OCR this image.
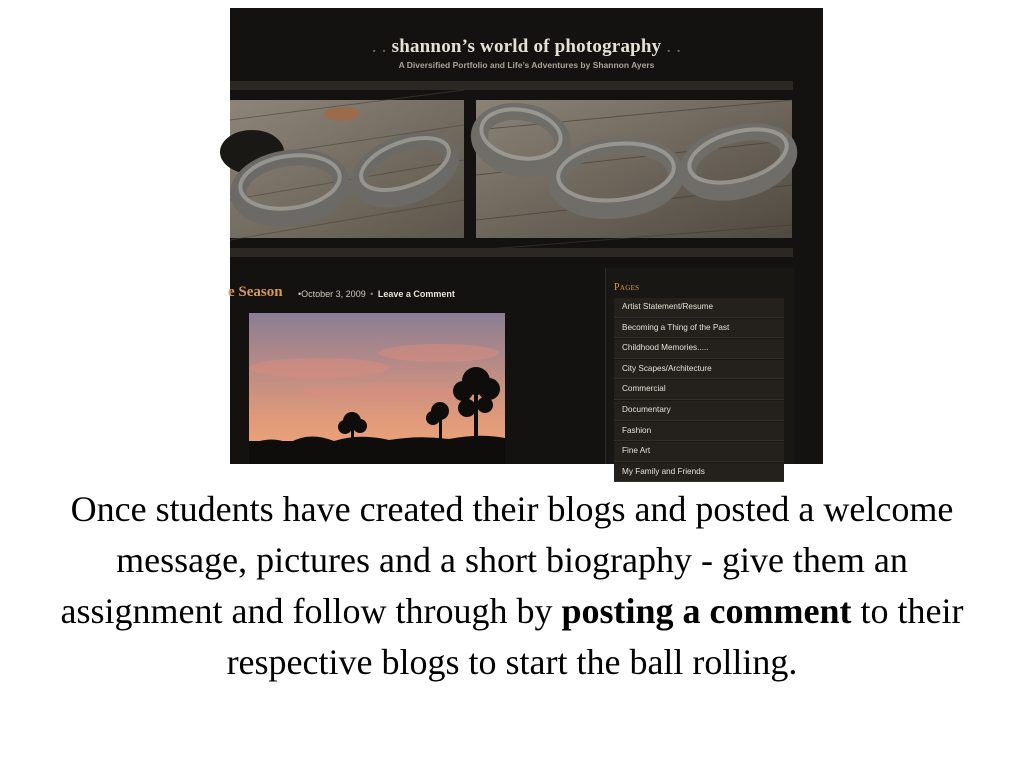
. . shannon’s world of photography . .
A Diversified Portfolio and Life’s Adventures by Shannon Ayers
e Season •October 3, 2009 • Leave a Comment
Pages
Artist Statement/Resume
Becoming a Thing of the Past
Childhood Memories.....
City Scapes/Architecture
Commercial
Documentary
Fashion
Fine Art
My Family and Friends
Once students have created their blogs and posted a welcome message, pictures and a short biography - give them an assignment and follow through by posting a comment to their respective blogs to start the ball rolling.
